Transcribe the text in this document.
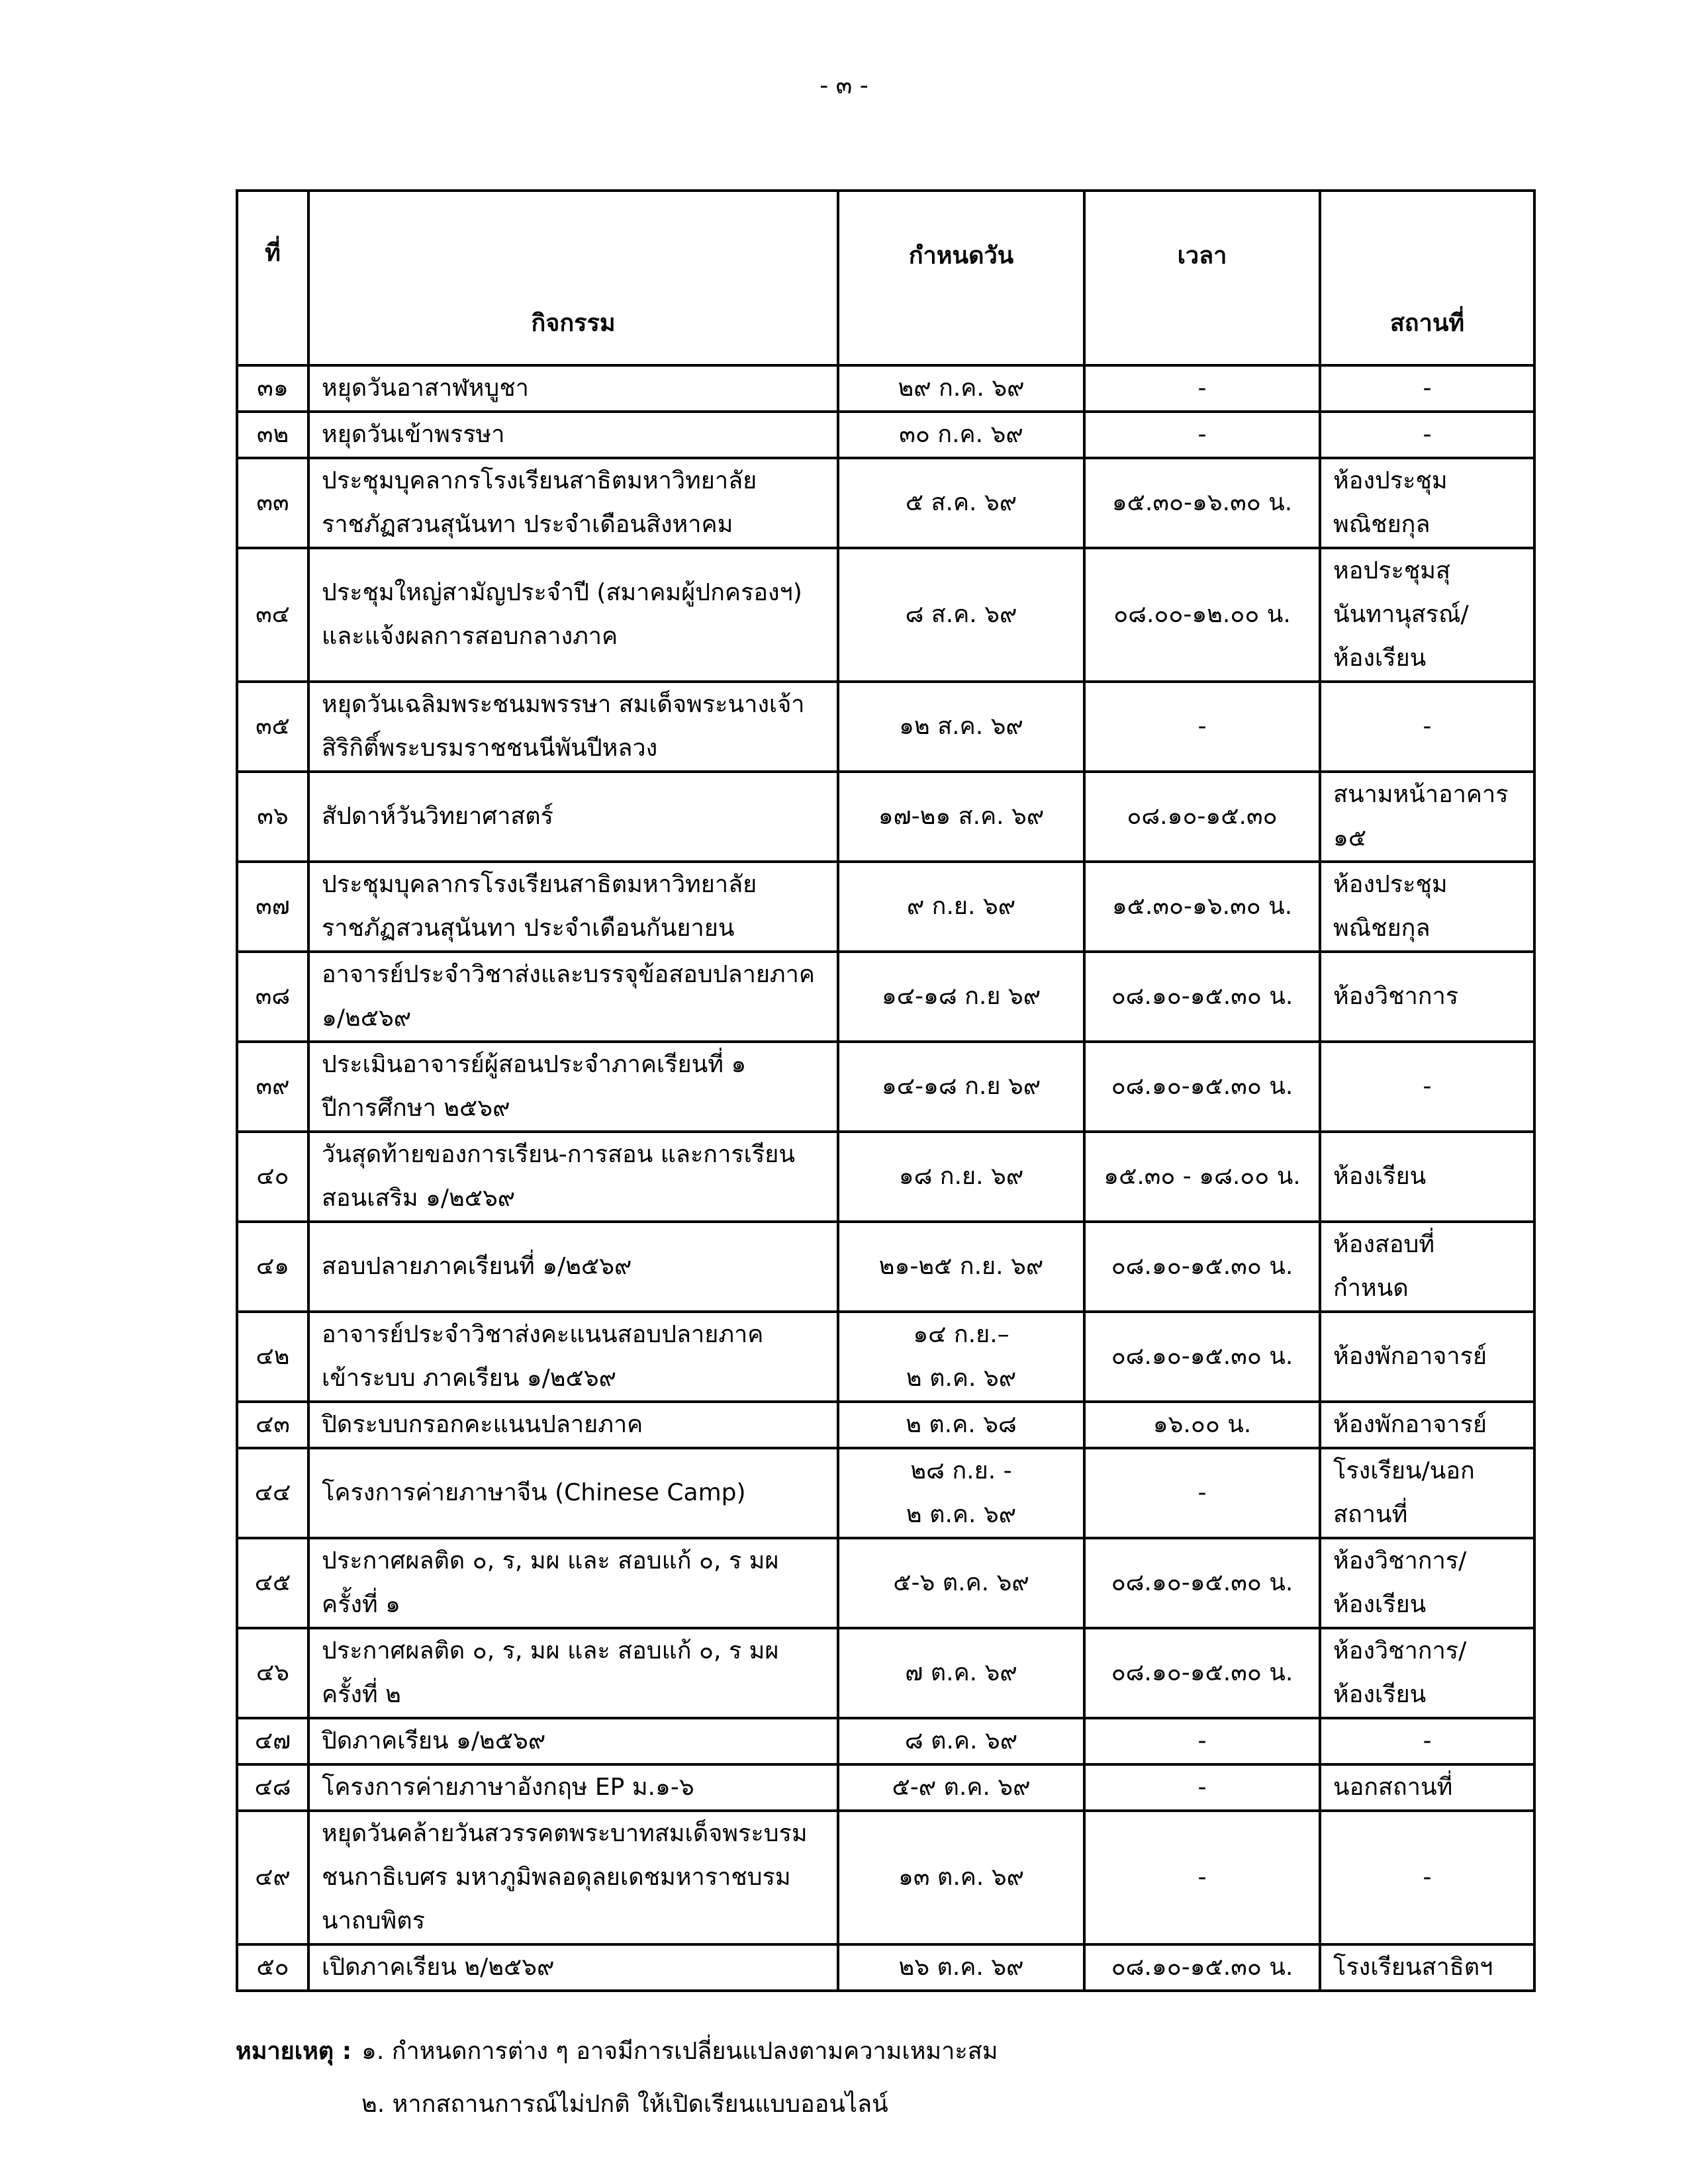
- ๓ -
ที่	กิจกรรม	กำหนดวัน	เวลา	สถานที่
๓๑	หยุดวันอาสาฬหบูชา	๒๙ ก.ค. ๖๙	-	-
๓๒	หยุดวันเข้าพรรษา	๓๐ ก.ค. ๖๙	-	-
๓๓	ประชุมบุคลากรโรงเรียนสาธิตมหาวิทยาลัย
ราชภัฏสวนสุนันทา ประจำเดือนสิงหาคม	๕ ส.ค. ๖๙	๑๕.๓๐-๑๖.๓๐ น.	ห้องประชุม
พณิชยกุล
๓๔	ประชุมใหญ่สามัญประจำปี (สมาคมผู้ปกครองฯ)
และแจ้งผลการสอบกลางภาค	๘ ส.ค. ๖๙	๐๘.๐๐-๑๒.๐๐ น.	หอประชุมสุ
นันทานุสรณ์/
ห้องเรียน
๓๕	หยุดวันเฉลิมพระชนมพรรษา สมเด็จพระนางเจ้า
สิริกิติ์พระบรมราชชนนีพันปีหลวง	๑๒ ส.ค. ๖๙	-	-
๓๖	สัปดาห์วันวิทยาศาสตร์	๑๗-๒๑ ส.ค. ๖๙	๐๘.๑๐-๑๕.๓๐	สนามหน้าอาคาร
๑๕
๓๗	ประชุมบุคลากรโรงเรียนสาธิตมหาวิทยาลัย
ราชภัฏสวนสุนันทา ประจำเดือนกันยายน	๙ ก.ย. ๖๙	๑๕.๓๐-๑๖.๓๐ น.	ห้องประชุม
พณิชยกุล
๓๘	อาจารย์ประจำวิชาส่งและบรรจุข้อสอบปลายภาค
๑/๒๕๖๙	๑๔-๑๘ ก.ย ๖๙	๐๘.๑๐-๑๕.๓๐ น.	ห้องวิชาการ
๓๙	ประเมินอาจารย์ผู้สอนประจำภาคเรียนที่ ๑
ปีการศึกษา ๒๕๖๙	๑๔-๑๘ ก.ย ๖๙	๐๘.๑๐-๑๕.๓๐ น.	-
๔๐	วันสุดท้ายของการเรียน-การสอน และการเรียน
สอนเสริม ๑/๒๕๖๙	๑๘ ก.ย. ๖๙	๑๕.๓๐ - ๑๘.๐๐ น.	ห้องเรียน
๔๑	สอบปลายภาคเรียนที่ ๑/๒๕๖๙	๒๑-๒๕ ก.ย. ๖๙	๐๘.๑๐-๑๕.๓๐ น.	ห้องสอบที่
กำหนด
๔๒	อาจารย์ประจำวิชาส่งคะแนนสอบปลายภาค
เข้าระบบ ภาคเรียน ๑/๒๕๖๙	๑๔ ก.ย.–
๒ ต.ค. ๖๙	๐๘.๑๐-๑๕.๓๐ น.	ห้องพักอาจารย์
๔๓	ปิดระบบกรอกคะแนนปลายภาค	๒ ต.ค. ๖๘	๑๖.๐๐ น.	ห้องพักอาจารย์
๔๔	โครงการค่ายภาษาจีน (Chinese Camp)	๒๘ ก.ย. -
๒ ต.ค. ๖๙	-	โรงเรียน/นอก
สถานที่
๔๕	ประกาศผลติด ๐, ร, มผ และ สอบแก้ ๐, ร มผ
ครั้งที่ ๑	๕-๖ ต.ค. ๖๙	๐๘.๑๐-๑๕.๓๐ น.	ห้องวิชาการ/
ห้องเรียน
๔๖	ประกาศผลติด ๐, ร, มผ และ สอบแก้ ๐, ร มผ
ครั้งที่ ๒	๗ ต.ค. ๖๙	๐๘.๑๐-๑๕.๓๐ น.	ห้องวิชาการ/
ห้องเรียน
๔๗	ปิดภาคเรียน ๑/๒๕๖๙	๘ ต.ค. ๖๙	-	-
๔๘	โครงการค่ายภาษาอังกฤษ EP ม.๑-๖	๕-๙ ต.ค. ๖๙	-	นอกสถานที่
๔๙	หยุดวันคล้ายวันสวรรคตพระบาทสมเด็จพระบรม
ชนกาธิเบศร มหาภูมิพลอดุลยเดชมหาราชบรม
นาถบพิตร	๑๓ ต.ค. ๖๙	-	-
๕๐	เปิดภาคเรียน ๒/๒๕๖๙	๒๖ ต.ค. ๖๙	๐๘.๑๐-๑๕.๓๐ น.	โรงเรียนสาธิตฯ
หมายเหตุ : ๑. กำหนดการต่าง ๆ อาจมีการเปลี่ยนแปลงตามความเหมาะสม
๒. หากสถานการณ์ไม่ปกติ ให้เปิดเรียนแบบออนไลน์
